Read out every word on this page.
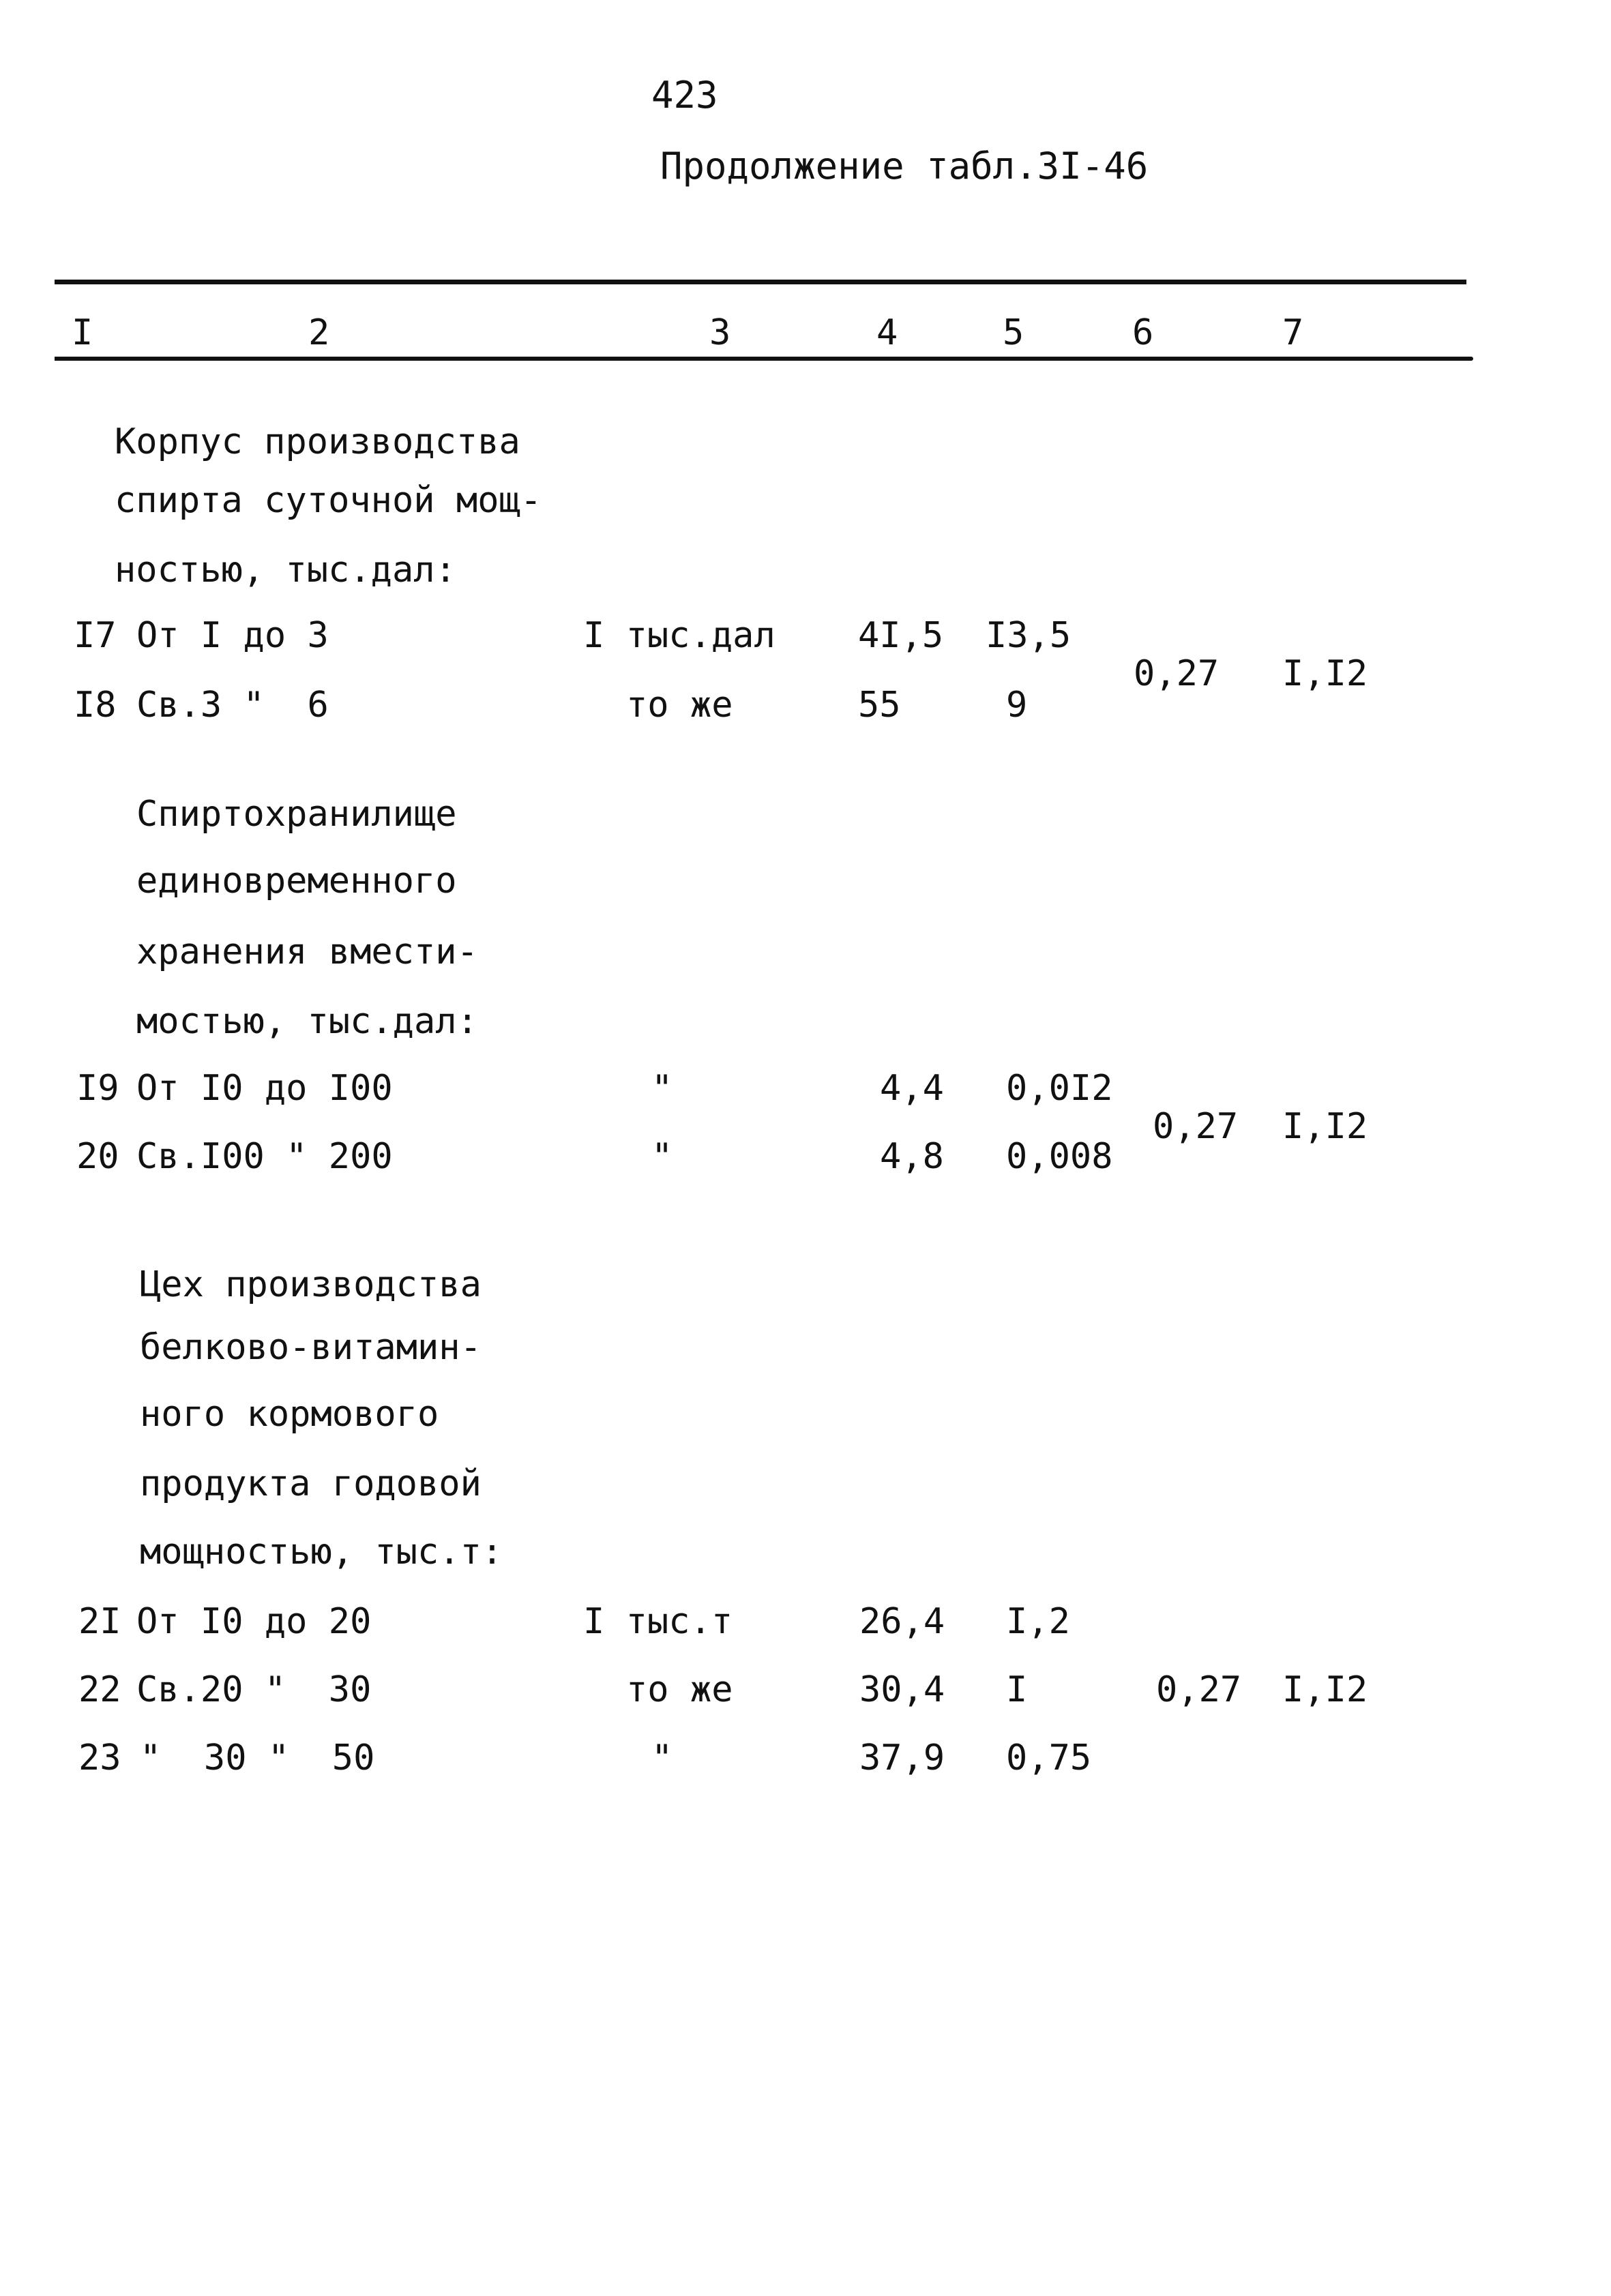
423
Продолжение табл.3I-46
I	2	3	4	5	6	7
Корпус производства
спирта суточной мощ-
ностью, тыс.дал:
I7 От I до 3	I тыс.дал 4I,5 I3,5
I8 Св.3 "  6	то же	55	9
0,27 I,I2
Спиртохранилище
единовременного
хранения вмести-
мостью, тыс.дал:
I9 От I0 до I00	"	4,4 0,0I2
20 Св.I00 " 200	"	4,8 0,008
0,27 I,I2
Цех производства
белково-витамин-
ного кормового
продукта годовой
мощностью, тыс.т:
2I От I0 до 20	I тыс.т	26,4 I,2
22 Св.20 "  30	то же	30,4 I
23 "  30 "  50	"	37,9 0,75
0,27 I,I2
